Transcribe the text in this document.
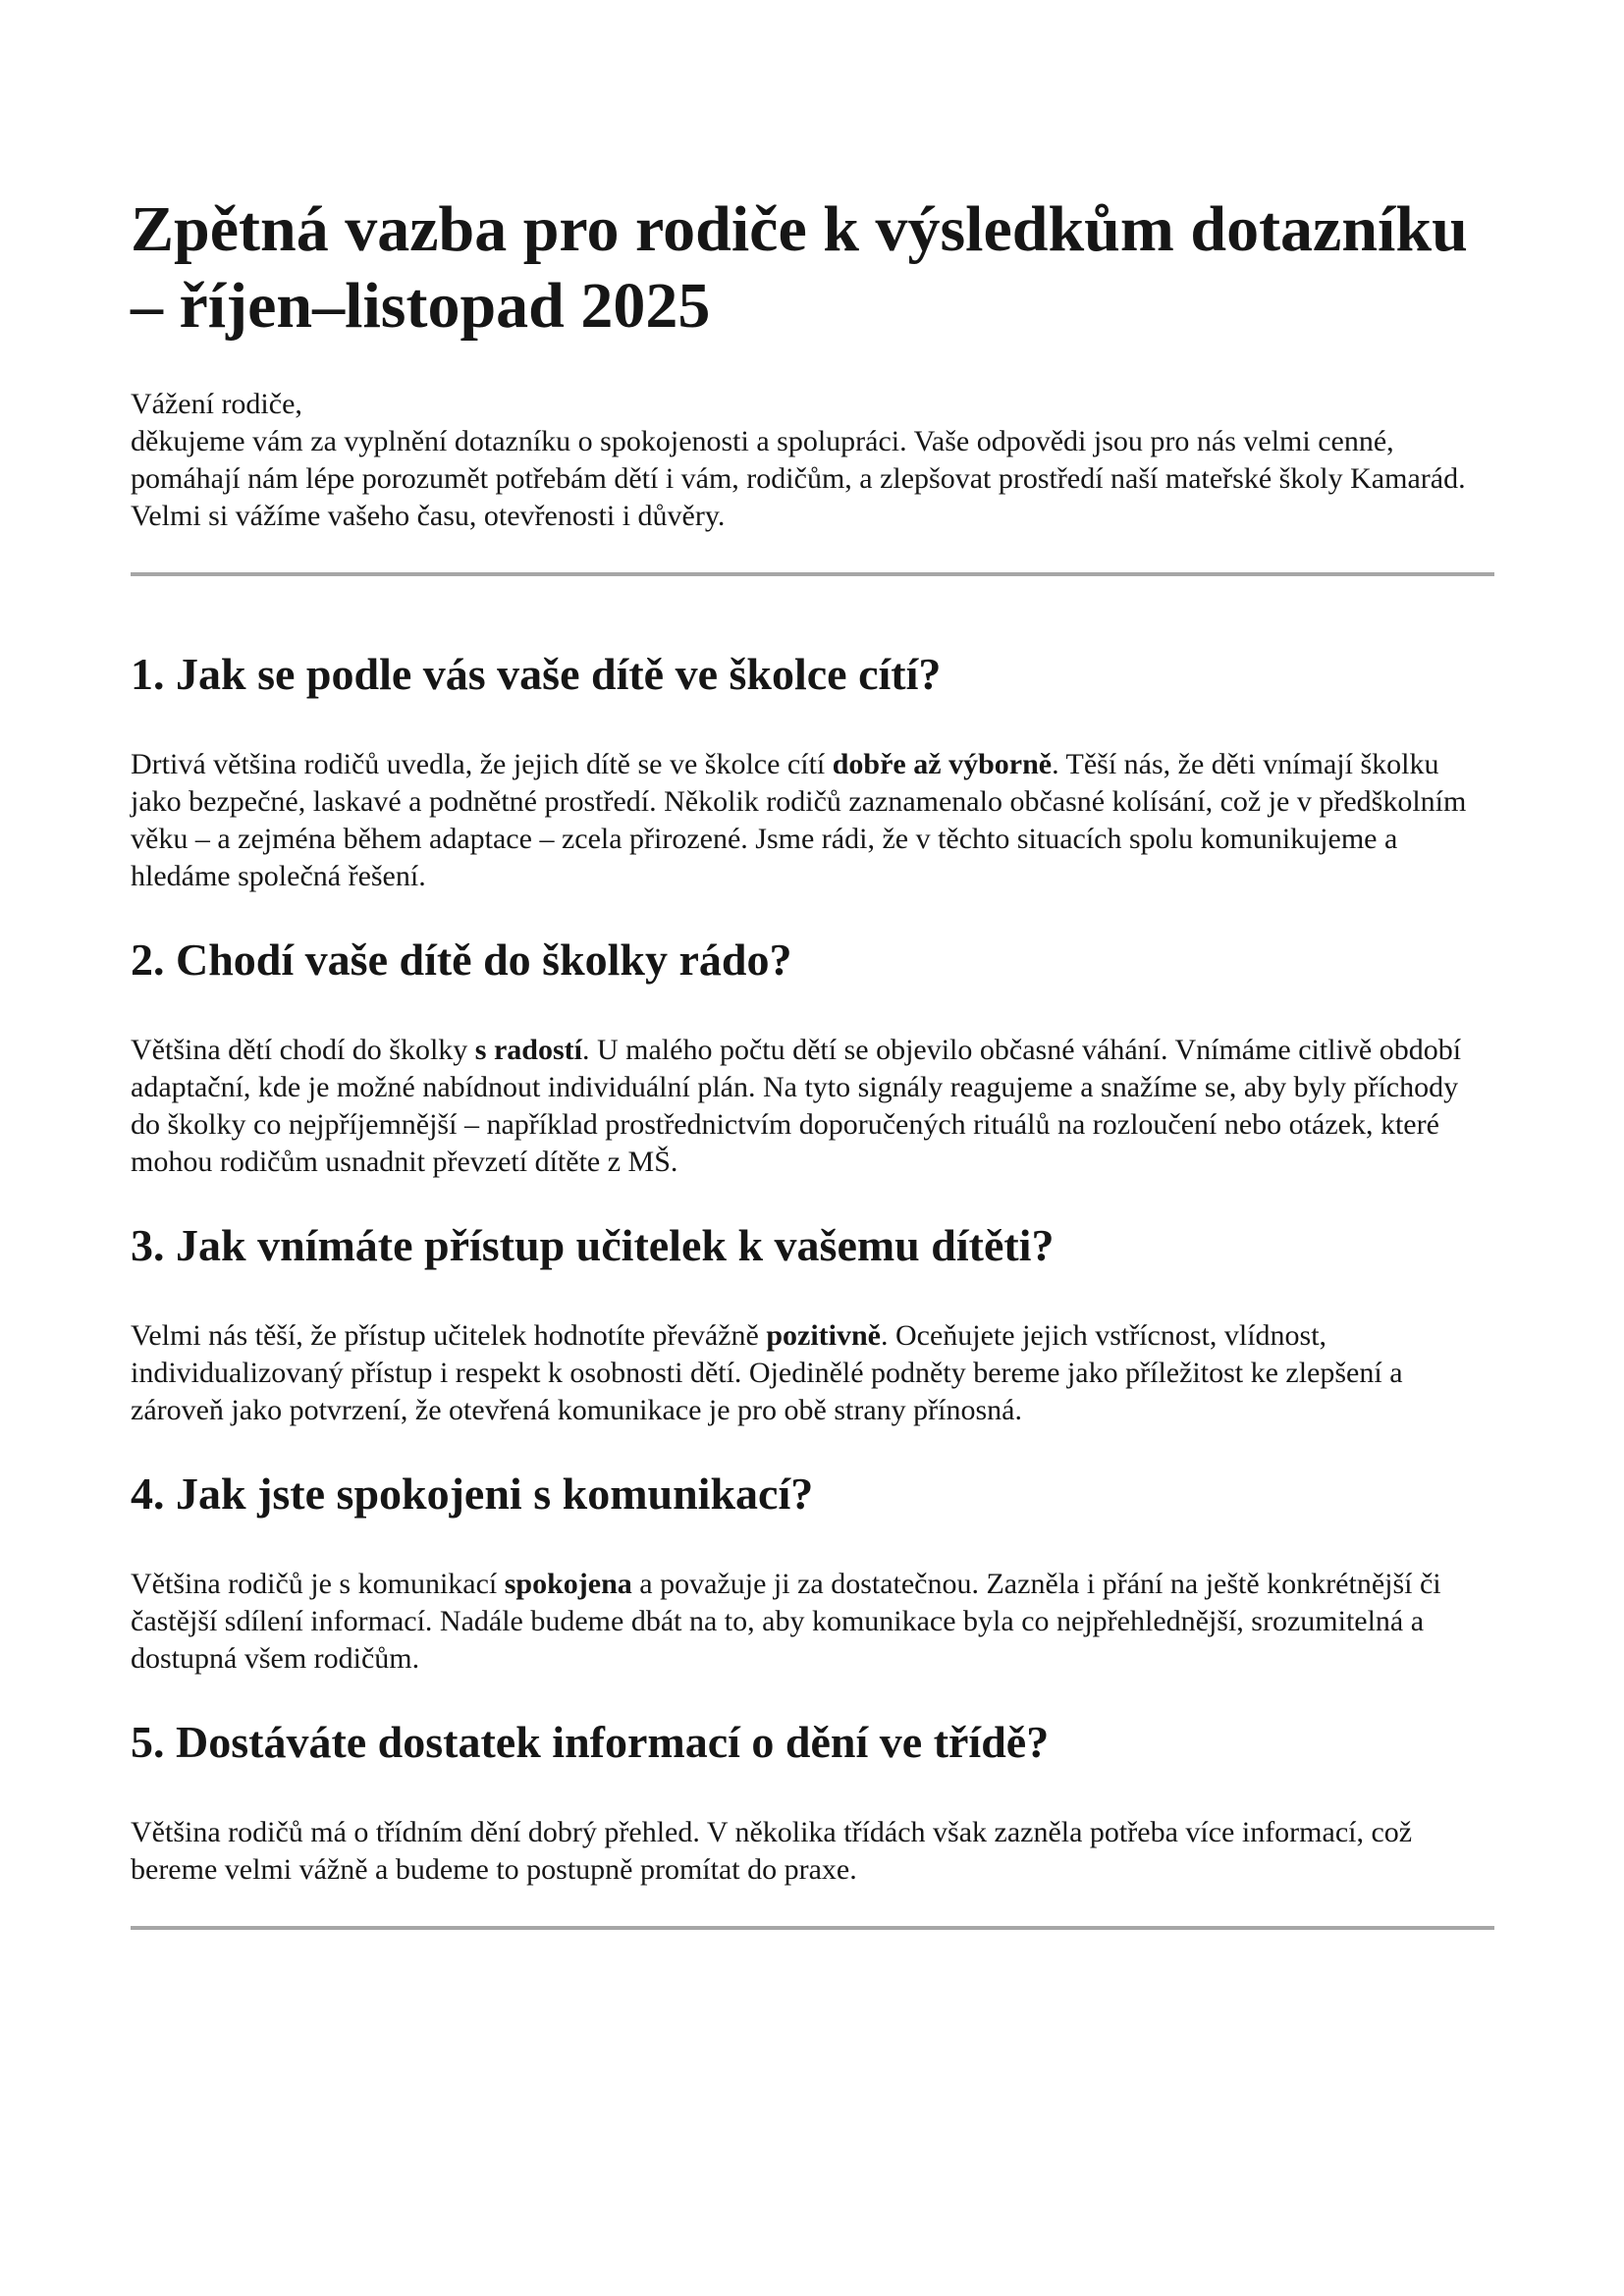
Zpětná vazba pro rodiče k výsledkům dotazníku – říjen–listopad 2025

Vážení rodiče,
děkujeme vám za vyplnění dotazníku o spokojenosti a spolupráci. Vaše odpovědi jsou pro nás velmi cenné, pomáhají nám lépe porozumět potřebám dětí i vám, rodičům, a zlepšovat prostředí naší mateřské školy Kamarád. Velmi si vážíme vašeho času, otevřenosti i důvěry.

1. Jak se podle vás vaše dítě ve školce cítí?

Drtivá většina rodičů uvedla, že jejich dítě se ve školce cítí dobře až výborně. Těší nás, že děti vnímají školku jako bezpečné, laskavé a podnětné prostředí. Několik rodičů zaznamenalo občasné kolísání, což je v předškolním věku – a zejména během adaptace – zcela přirozené. Jsme rádi, že v těchto situacích spolu komunikujeme a hledáme společná řešení.

2. Chodí vaše dítě do školky rádo?

Většina dětí chodí do školky s radostí. U malého počtu dětí se objevilo občasné váhání. Vnímáme citlivě období adaptační, kde je možné nabídnout individuální plán. Na tyto signály reagujeme a snažíme se, aby byly příchody do školky co nejpříjemnější – například prostřednictvím doporučených rituálů na rozloučení nebo otázek, které mohou rodičům usnadnit převzetí dítěte z MŠ.

3. Jak vnímáte přístup učitelek k vašemu dítěti?

Velmi nás těší, že přístup učitelek hodnotíte převážně pozitivně. Oceňujete jejich vstřícnost, vlídnost, individualizovaný přístup i respekt k osobnosti dětí. Ojedinělé podněty bereme jako příležitost ke zlepšení a zároveň jako potvrzení, že otevřená komunikace je pro obě strany přínosná.

4. Jak jste spokojeni s komunikací?

Většina rodičů je s komunikací spokojena a považuje ji za dostatečnou. Zazněla i přání na ještě konkrétnější či častější sdílení informací. Nadále budeme dbát na to, aby komunikace byla co nejpřehlednější, srozumitelná a dostupná všem rodičům.

5. Dostáváte dostatek informací o dění ve třídě?

Většina rodičů má o třídním dění dobrý přehled. V několika třídách však zazněla potřeba více informací, což bereme velmi vážně a budeme to postupně promítat do praxe.
